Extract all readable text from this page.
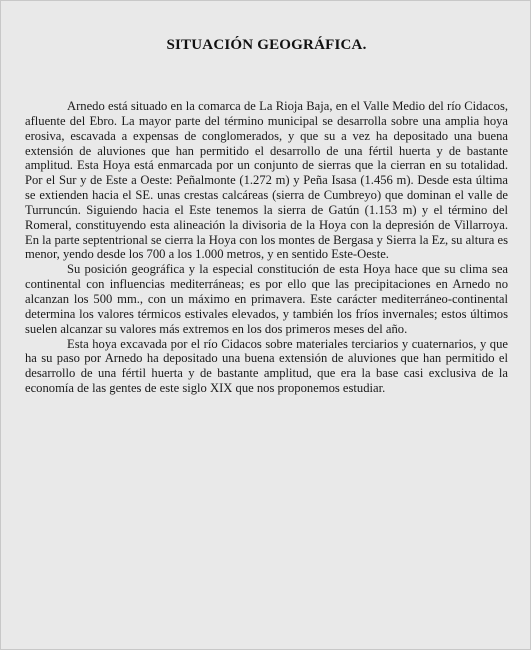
SITUACIÓN GEOGRÁFICA.

Arnedo está situado en la comarca de La Rioja Baja, en el Valle Medio del río Cidacos, afluente del Ebro. La mayor parte del término municipal se desarrolla sobre una amplia hoya erosiva, escavada a expensas de conglomerados, y que su a vez ha depositado una buena extensión de aluviones que han permitido el desarrollo de una fértil huerta y de bastante amplitud. Esta Hoya está enmarcada por un conjunto de sierras que la cierran en su totalidad. Por el Sur y de Este a Oeste: Peñalmonte (1.272 m) y Peña Isasa (1.456 m). Desde esta última se extienden hacia el SE. unas crestas calcáreas (sierra de Cumbreyo) que dominan el valle de Turruncún. Siguiendo hacia el Este tenemos la sierra de Gatún (1.153 m) y el término del Romeral, constituyendo esta alineación la divisoria de la Hoya con la depresión de Villarroya. En la parte septentrional se cierra la Hoya con los montes de Bergasa y Sierra la Ez, su altura es menor, yendo desde los 700 a los 1.000 metros, y en sentido Este-Oeste.

Su posición geográfica y la especial constitución de esta Hoya hace que su clima sea continental con influencias mediterráneas; es por ello que las precipitaciones en Arnedo no alcanzan los 500 mm., con un máximo en primavera. Este carácter mediterráneo-continental determina los valores térmicos estivales elevados, y también los fríos invernales; estos últimos suelen alcanzar su valores más extremos en los dos primeros meses del año.

Esta hoya excavada por el río Cidacos sobre materiales terciarios y cuaternarios, y que ha su paso por Arnedo ha depositado una buena extensión de aluviones que han permitido el desarrollo de una fértil huerta y de bastante amplitud, que era la base casi exclusiva de la economía de las gentes de este siglo XIX que nos proponemos estudiar.
